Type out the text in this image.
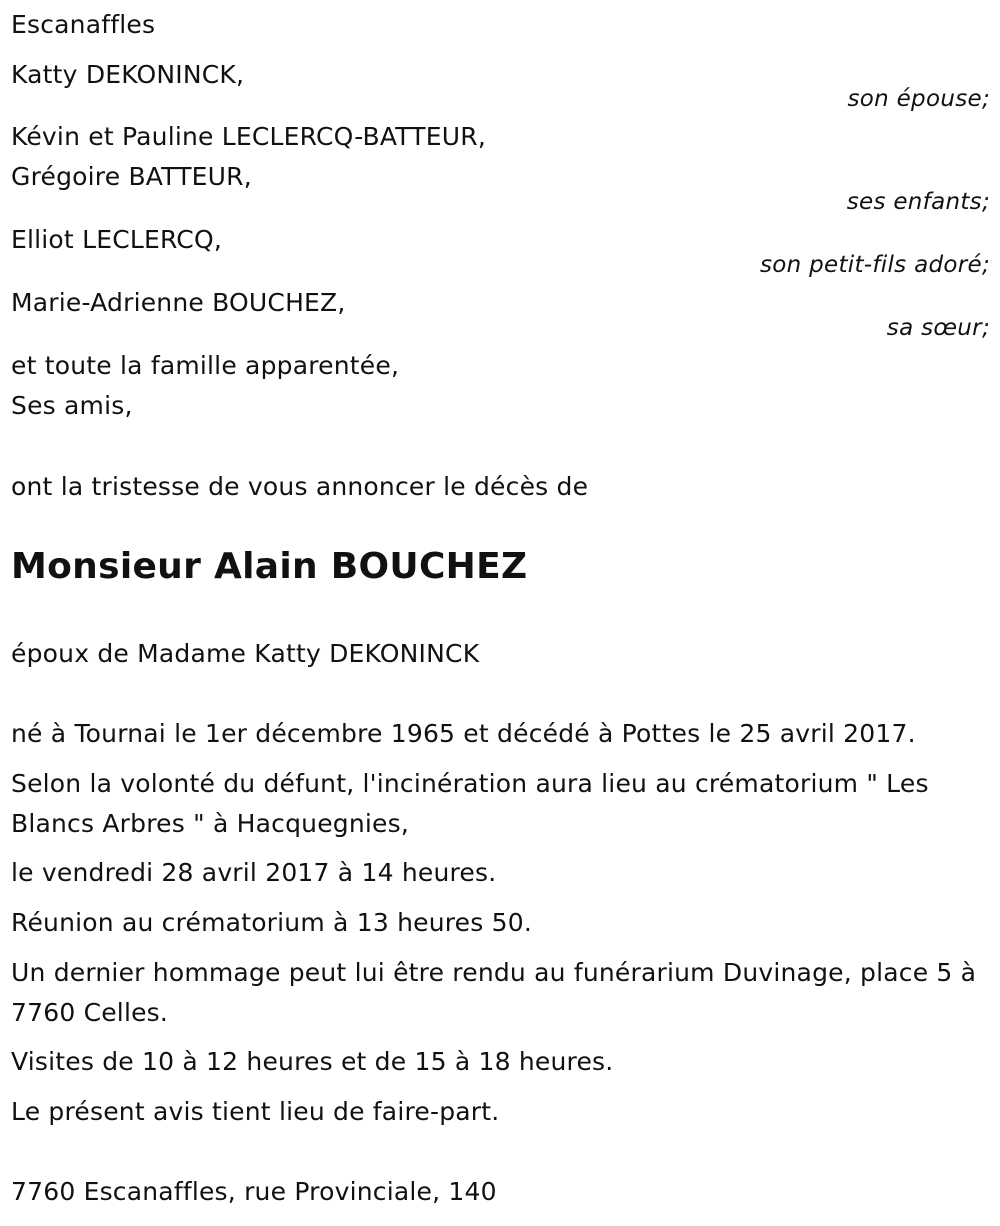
Escanaffles
Katty DEKONINCK,
son épouse;
Kévin et Pauline LECLERCQ-BATTEUR,
Grégoire BATTEUR,
ses enfants;
Elliot LECLERCQ,
son petit-fils adoré;
Marie-Adrienne BOUCHEZ,
sa sœur;
et toute la famille apparentée,
Ses amis,
ont la tristesse de vous annoncer le décès de
Monsieur Alain BOUCHEZ
époux de Madame Katty DEKONINCK
né à Tournai le 1er décembre 1965 et décédé à Pottes le 25 avril 2017.
Selon la volonté du défunt, l'incinération aura lieu au crématorium " Les Blancs Arbres " à Hacquegnies,
le vendredi 28 avril 2017 à 14 heures.
Réunion au crématorium à 13 heures 50.
Un dernier hommage peut lui être rendu au funérarium Duvinage, place 5 à 7760 Celles.
Visites de 10 à 12 heures et de 15 à 18 heures.
Le présent avis tient lieu de faire-part.
7760 Escanaffles, rue Provinciale, 140
